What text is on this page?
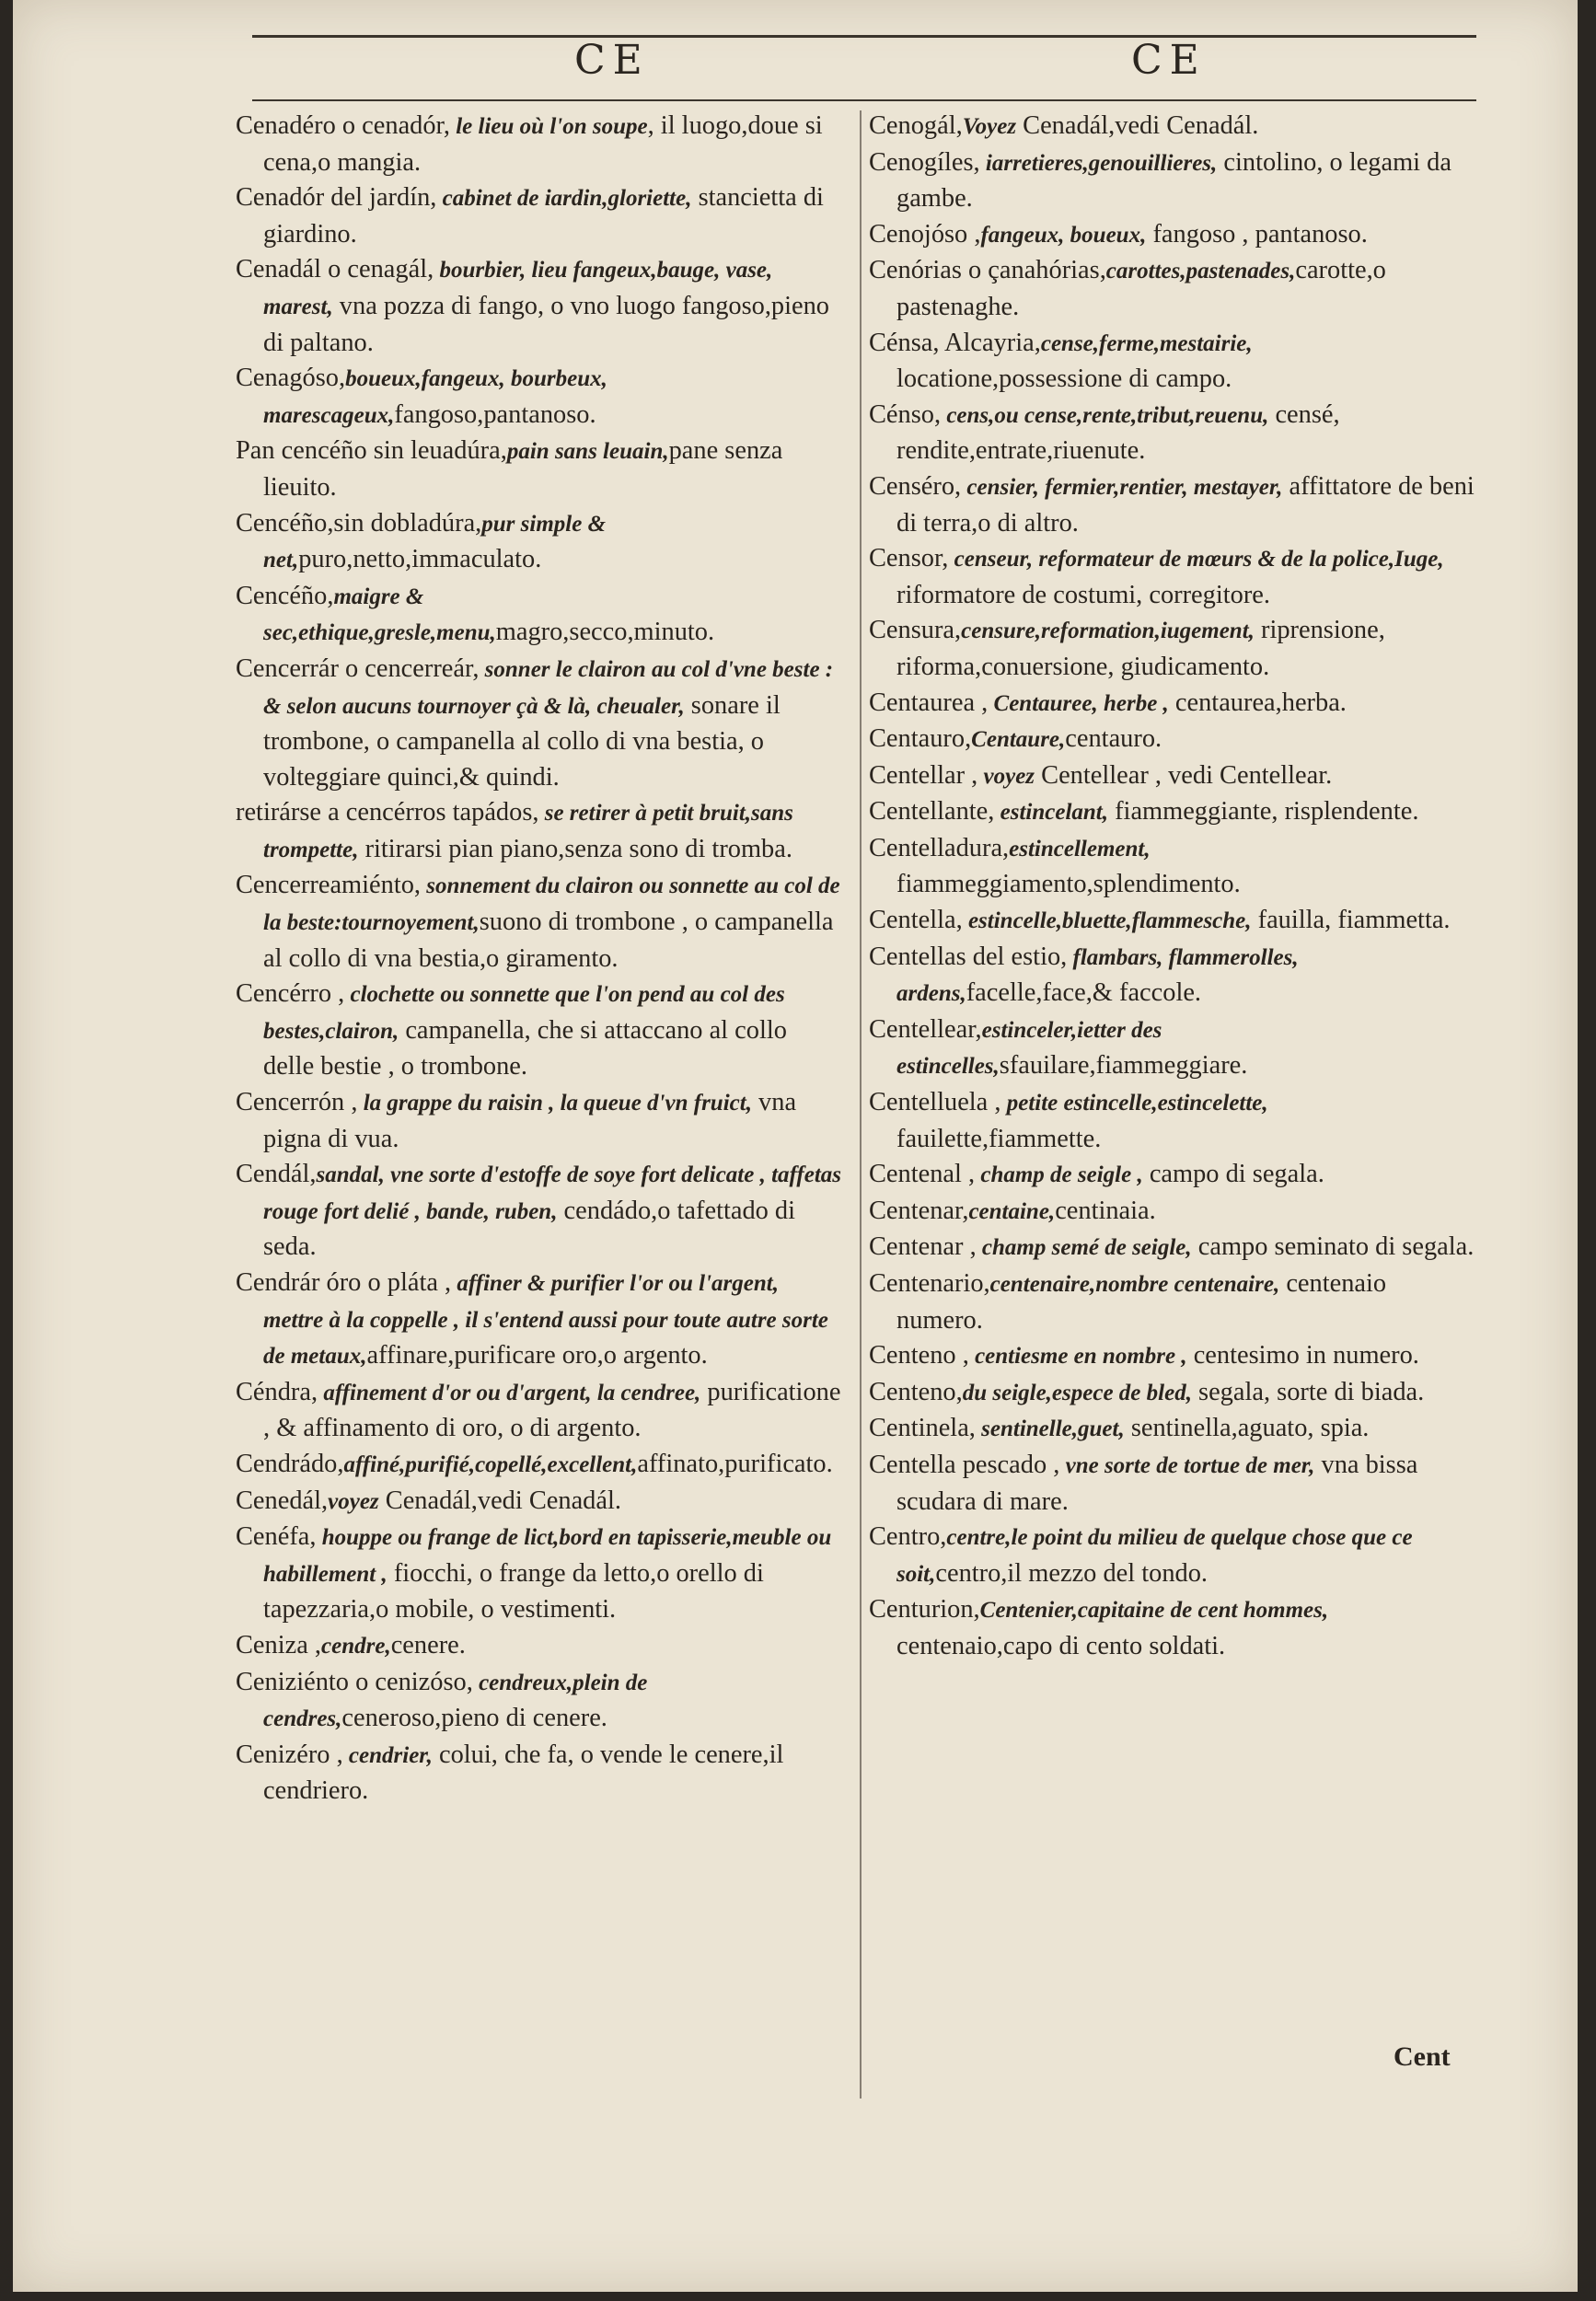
CE	CE
Cenadéro o cenadór, le lieu où l'on soupe, il luogo,doue si cena,o mangia.
Cenadór del jardín, cabinet de iardin,gloriette, stancietta di giardino.
Cenadál o cenagál, bourbier, lieu fangeux,bauge, vase, marest, vna pozza di fango, o vno luogo fangoso,pieno di paltano.
Cenagóso,boueux,fangeux, bourbeux, marescageux,fangoso,pantanoso.
Pan cencéño sin leuadúra,pain sans leuain,pane senza lieuito.
Cencéño,sin dobladúra,pur simple & net,puro,netto,immaculato.
Cencéño,maigre & sec,ethique,gresle,menu,magro,secco,minuto.
Cencerrár o cencerreár, sonner le clairon au col d'vne beste : & selon aucuns tournoyer çà & là, cheualer, sonare il trombone, o campanella al collo di vna bestia, o volteggiare quinci,& quindi.
retirárse a cencérros tapádos, se retirer à petit bruit,sans trompette, ritirarsi pian piano,senza sono di tromba.
Cencerreamiénto, sonnement du clairon ou sonnette au col de la beste:tournoyement,suono di trombone , o campanella al collo di vna bestia,o giramento.
Cencérro , clochette ou sonnette que l'on pend au col des bestes,clairon, campanella, che si attaccano al collo delle bestie , o trombone.
Cencerrón , la grappe du raisin , la queue d'vn fruict, vna pigna di vua.
Cendál,sandal, vne sorte d'estoffe de soye fort delicate , taffetas rouge fort delié , bande, ruben, cendádo,o tafettado di seda.
Cendrár óro o pláta , affiner & purifier l'or ou l'argent, mettre à la coppelle , il s'entend aussi pour toute autre sorte de metaux,affinare,purificare oro,o argento.
Céndra, affinement d'or ou d'argent, la cendree, purificatione , & affinamento di oro, o di argento.
Cendrádo,affiné,purifié,copellé,excellent,affinato,purificato.
Cenedál,voyez Cenadál,vedi Cenadál.
Cenéfa, houppe ou frange de lict,bord en tapisserie,meuble ou habillement , fiocchi, o frange da letto,o orello di tapezzaria,o mobile, o vestimenti.
Ceniza ,cendre,cenere.
Ceniziénto o cenizóso, cendreux,plein de cendres,ceneroso,pieno di cenere.
Cenizéro , cendrier, colui, che fa, o vende le cenere,il cendriero.
Cenogál,Voyez Cenadál,vedi Cenadál.
Cenogíles, iarretieres,genouillieres, cintolino, o legami da gambe.
Cenojóso ,fangeux, boueux, fangoso , pantanoso.
Cenórias o çanahórias,carottes,pastenades,carotte,o pastenaghe.
Cénsa, Alcayria,cense,ferme,mestairie, locatione,possessione di campo.
Cénso, cens,ou cense,rente,tribut,reuenu, censé, rendite,entrate,riuenute.
Censéro, censier, fermier,rentier, mestayer, affittatore de beni di terra,o di altro.
Censor, censeur, reformateur de mœurs & de la police,Iuge, riformatore de costumi, corregitore.
Censura,censure,reformation,iugement, riprensione, riforma,conuersione, giudicamento.
Centaurea , Centauree, herbe , centaurea,herba.
Centauro,Centaure,centauro.
Centellar , voyez Centellear , vedi Centellear.
Centellante, estincelant, fiammeggiante, risplendente.
Centelladura,estincellement, fiammeggiamento,splendimento.
Centella, estincelle,bluette,flammesche, fauilla, fiammetta.
Centellas del estio, flambars, flammerolles, ardens,facelle,face,& faccole.
Centellear,estinceler,ietter des estincelles,sfauilare,fiammeggiare.
Centelluela , petite estincelle,estincelette, fauilette,fiammette.
Centenal , champ de seigle , campo di segala.
Centenar,centaine,centinaia.
Centenar , champ semé de seigle, campo seminato di segala.
Centenario,centenaire,nombre centenaire, centenaio numero.
Centeno , centiesme en nombre , centesimo in numero.
Centeno,du seigle,espece de bled, segala, sorte di biada.
Centinela, sentinelle,guet, sentinella,aguato, spia.
Centella pescado , vne sorte de tortue de mer, vna bissa scudara di mare.
Centro,centre,le point du milieu de quelque chose que ce soit,centro,il mezzo del tondo.
Centurion,Centenier,capitaine de cent hommes, centenaio,capo di cento soldati.
Cent
